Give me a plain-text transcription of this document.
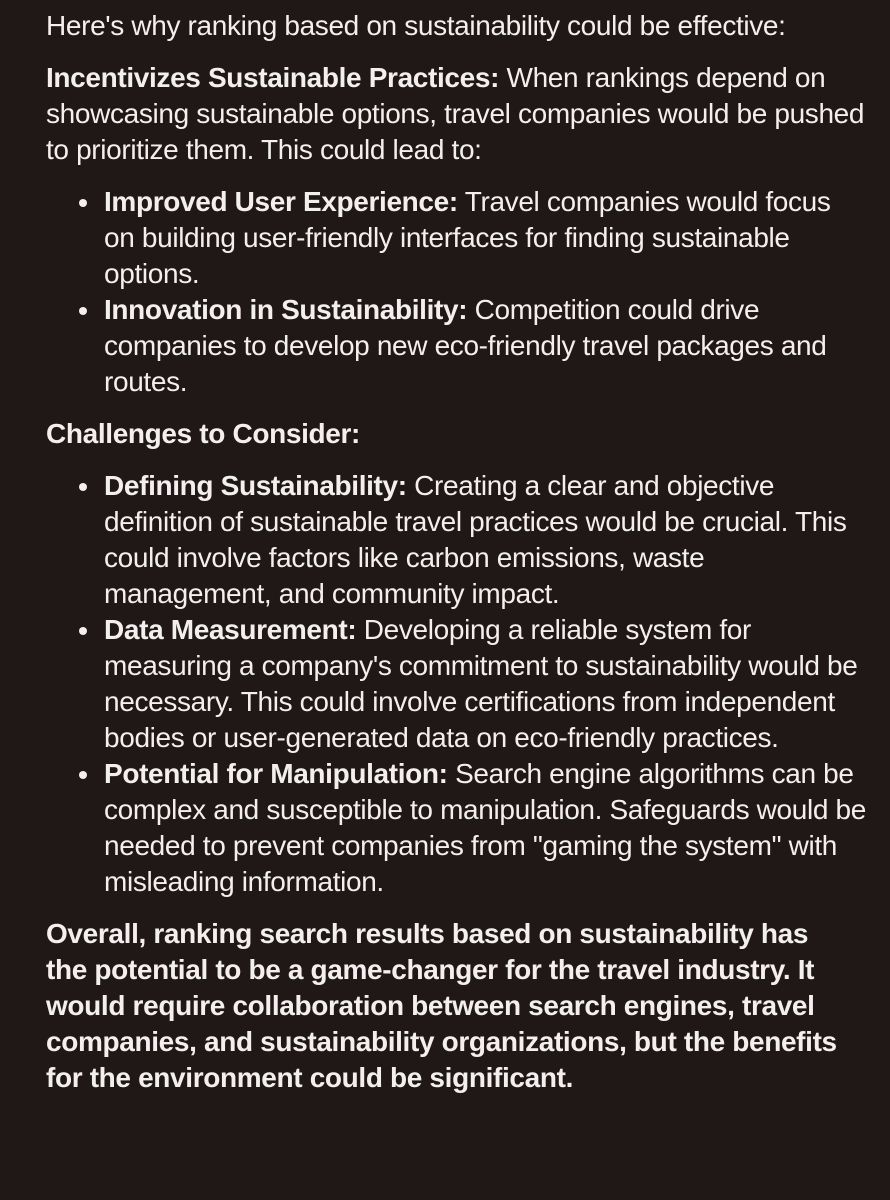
Here's why ranking based on sustainability could be effective:

Incentivizes Sustainable Practices: When rankings depend on showcasing sustainable options, travel companies would be pushed to prioritize them. This could lead to:

Improved User Experience: Travel companies would focus on building user-friendly interfaces for finding sustainable options.
Innovation in Sustainability: Competition could drive companies to develop new eco-friendly travel packages and routes.

Challenges to Consider:

Defining Sustainability: Creating a clear and objective definition of sustainable travel practices would be crucial. This could involve factors like carbon emissions, waste management, and community impact.
Data Measurement: Developing a reliable system for measuring a company's commitment to sustainability would be necessary. This could involve certifications from independent bodies or user-generated data on eco-friendly practices.
Potential for Manipulation: Search engine algorithms can be complex and susceptible to manipulation. Safeguards would be needed to prevent companies from "gaming the system" with misleading information.

Overall, ranking search results based on sustainability has the potential to be a game-changer for the travel industry. It would require collaboration between search engines, travel companies, and sustainability organizations, but the benefits for the environment could be significant.
